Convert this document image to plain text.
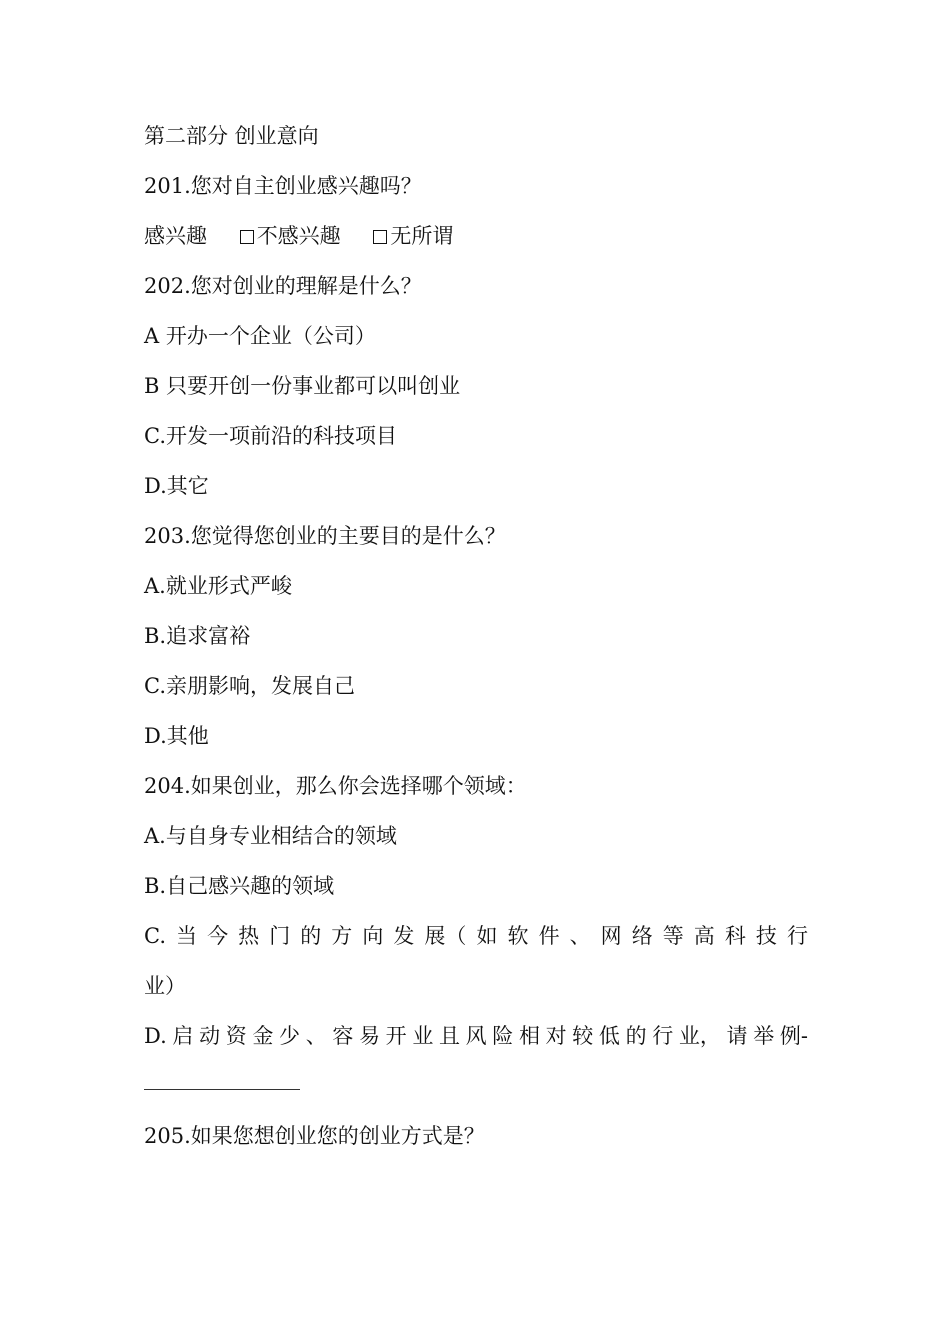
第二部分 创业意向
201.您对自主创业感兴趣吗？
感兴趣 不感兴趣 无所谓
202.您对创业的理解是什么？
A 开办一个企业（公司）
B 只要开创一份事业都可以叫创业
C.开发一项前沿的科技项目
D.其它
203.您觉得您创业的主要目的是什么？
A.就业形式严峻
B.追求富裕
C.亲朋影响，发展自己
D.其他
204.如果创业，那么你会选择哪个领域：
A.与自身专业相结合的领域
B.自己感兴趣的领域
C. 当 今 热 门 的 方 向 发 展（ 如 软 件 、 网 络 等 高 科 技 行
业）
D. 启 动 资 金 少 、 容 易 开 业 且 风 险 相 对 较 低 的 行 业， 请 举 例-
205.如果您想创业您的创业方式是？
